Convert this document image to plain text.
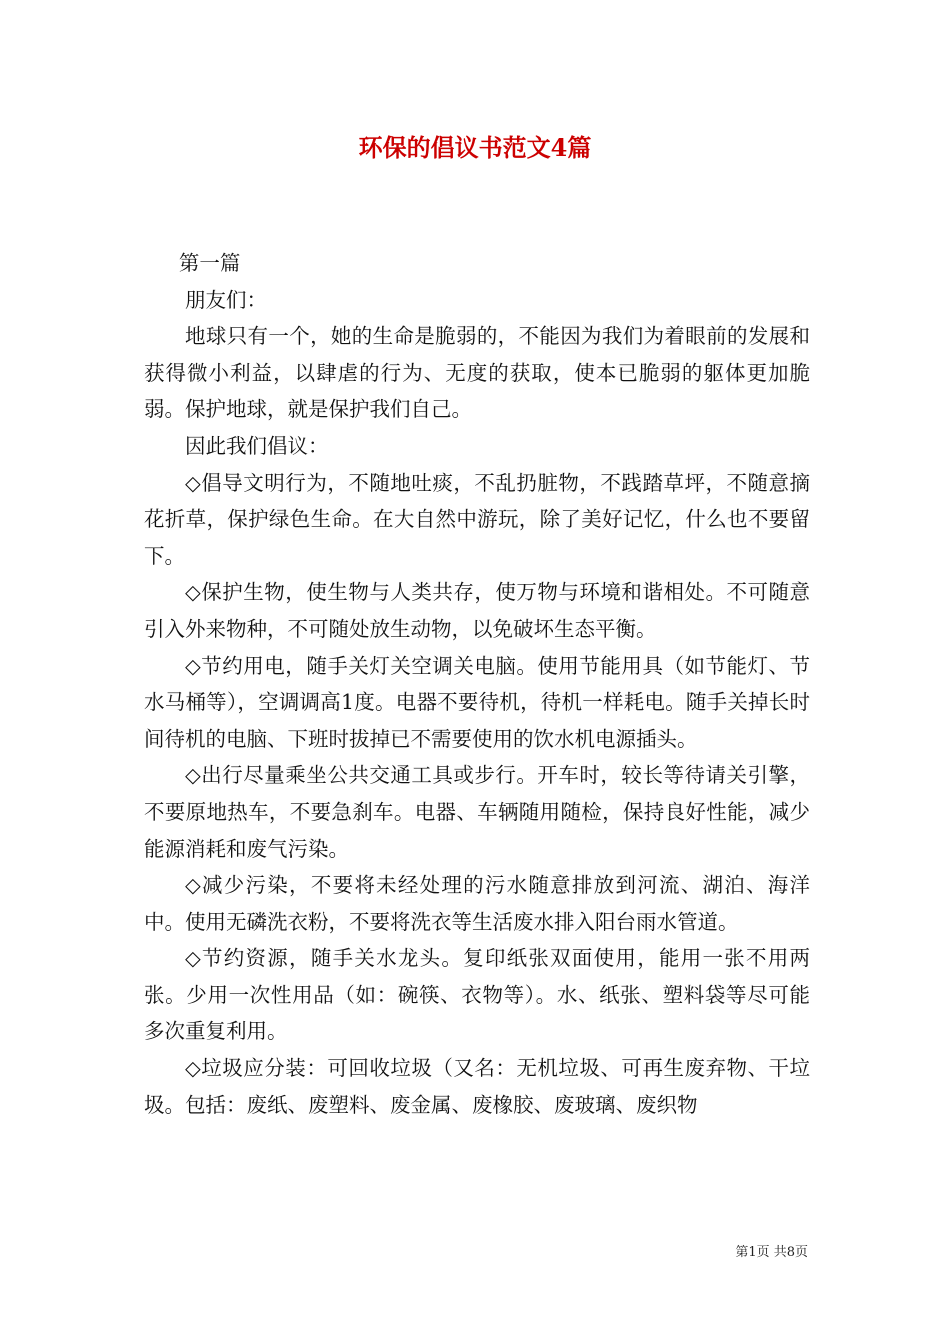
环保的倡议书范文4篇

第一篇

朋友们：

地球只有一个，她的生命是脆弱的，不能因为我们为着眼前的发展和获得微小利益，以肆虐的行为、无度的获取，使本已脆弱的躯体更加脆弱。保护地球，就是保护我们自己。

因此我们倡议：

◇倡导文明行为，不随地吐痰，不乱扔脏物，不践踏草坪，不随意摘花折草，保护绿色生命。在大自然中游玩，除了美好记忆，什么也不要留下。

◇保护生物，使生物与人类共存，使万物与环境和谐相处。不可随意引入外来物种，不可随处放生动物，以免破坏生态平衡。

◇节约用电，随手关灯关空调关电脑。使用节能用具（如节能灯、节水马桶等），空调调高1度。电器不要待机，待机一样耗电。随手关掉长时间待机的电脑、下班时拔掉已不需要使用的饮水机电源插头。

◇出行尽量乘坐公共交通工具或步行。开车时，较长等待请关引擎，不要原地热车，不要急刹车。电器、车辆随用随检，保持良好性能，减少能源消耗和废气污染。

◇减少污染，不要将未经处理的污水随意排放到河流、湖泊、海洋中。使用无磷洗衣粉，不要将洗衣等生活废水排入阳台雨水管道。

◇节约资源，随手关水龙头。复印纸张双面使用，能用一张不用两张。少用一次性用品（如：碗筷、衣物等）。水、纸张、塑料袋等尽可能多次重复利用。

◇垃圾应分装：可回收垃圾（又名：无机垃圾、可再生废弃物、干垃圾。包括：废纸、废塑料、废金属、废橡胶、废玻璃、废织物

第1页 共8页
